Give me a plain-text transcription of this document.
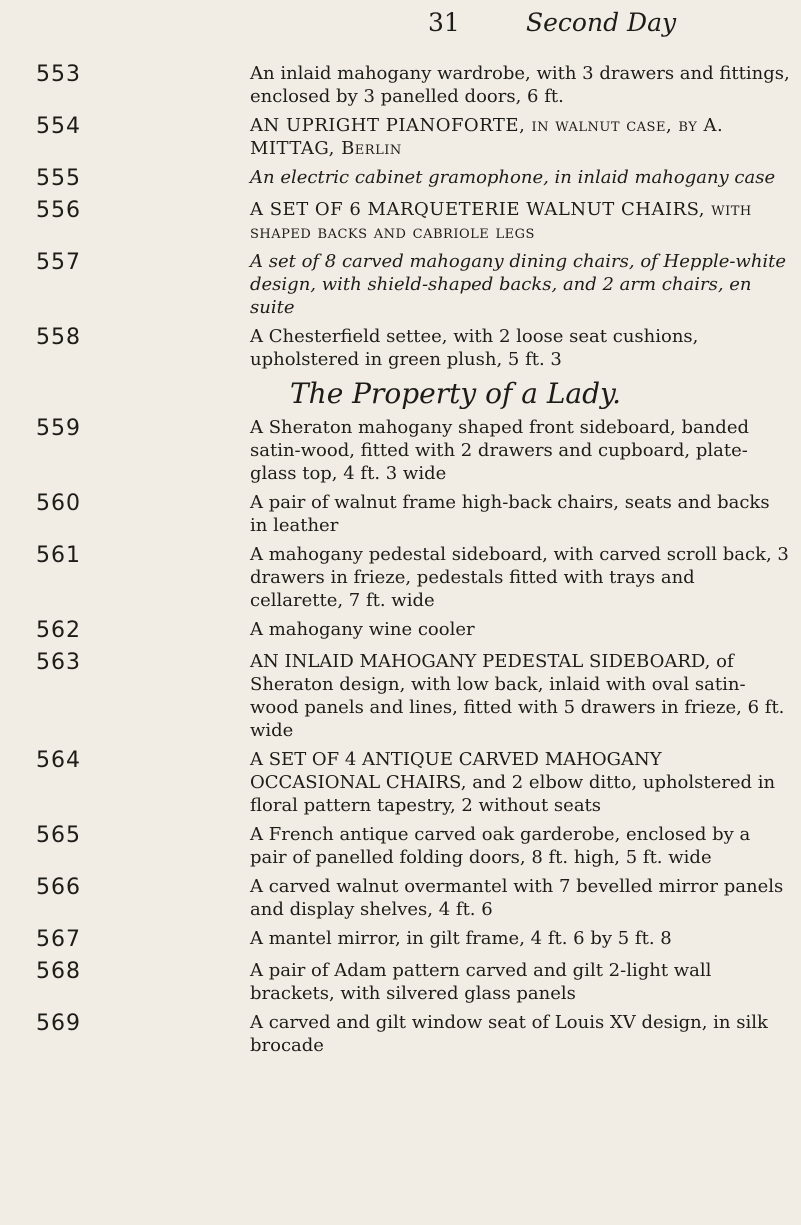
31	Second Day
553	An inlaid mahogany wardrobe, with 3 drawers and fittings, enclosed by 3 panelled doors, 6 ft.
554	AN UPRIGHT PIANOFORTE, in walnut case, by A. MITTAG, Berlin
555	An electric cabinet gramophone, in inlaid mahogany case
556	A SET OF 6 MARQUETERIE WALNUT CHAIRS, with shaped backs and cabriole legs
557	A set of 8 carved mahogany dining chairs, of Hepple-white design, with shield-shaped backs, and 2 arm chairs, en suite
558	A Chesterfield settee, with 2 loose seat cushions, upholstered in green plush, 5 ft. 3
The Property of a Lady.
559	A Sheraton mahogany shaped front sideboard, banded satin-wood, fitted with 2 drawers and cupboard, plate-glass top, 4 ft. 3 wide
560	A pair of walnut frame high-back chairs, seats and backs in leather
561	A mahogany pedestal sideboard, with carved scroll back, 3 drawers in frieze, pedestals fitted with trays and cellarette, 7 ft. wide
562	A mahogany wine cooler
563	AN INLAID MAHOGANY PEDESTAL SIDEBOARD, of Sheraton design, with low back, inlaid with oval satin-wood panels and lines, fitted with 5 drawers in frieze, 6 ft. wide
564	A SET OF 4 ANTIQUE CARVED MAHOGANY OCCASIONAL CHAIRS, and 2 elbow ditto, upholstered in floral pattern tapestry, 2 without seats
565	A French antique carved oak garderobe, enclosed by a pair of panelled folding doors, 8 ft. high, 5 ft. wide
566	A carved walnut overmantel with 7 bevelled mirror panels and display shelves, 4 ft. 6
567	A mantel mirror, in gilt frame, 4 ft. 6 by 5 ft. 8
568	A pair of Adam pattern carved and gilt 2-light wall brackets, with silvered glass panels
569	A carved and gilt window seat of Louis XV design, in silk brocade
